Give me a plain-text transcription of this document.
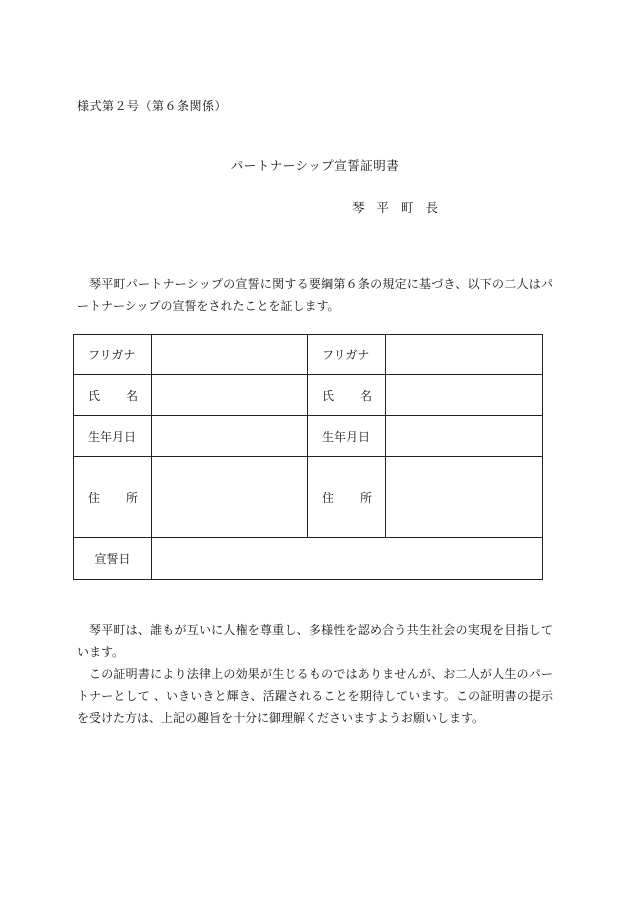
様式第２号（第６条関係）
パートナーシップ宣誓証明書
琴平町長

琴平町パートナーシップの宣誓に関する要綱第６条の規定に基づき、以下の二人はパートナーシップの宣誓をされたことを証します。

フリガナ		フリガナ	
氏名		氏名	
生年月日		生年月日	
住所		住所	
宣誓日			

琴平町は、誰もが互いに人権を尊重し、多様性を認め合う共生社会の実現を目指しています。

この証明書により法律上の効果が生じるものではありませんが、お二人が人生のパートナーとして 、いきいきと輝き、活躍されることを期待しています。この証明書の提示を受けた方は、上記の趣旨を十分に御理解くださいますようお願いします。
